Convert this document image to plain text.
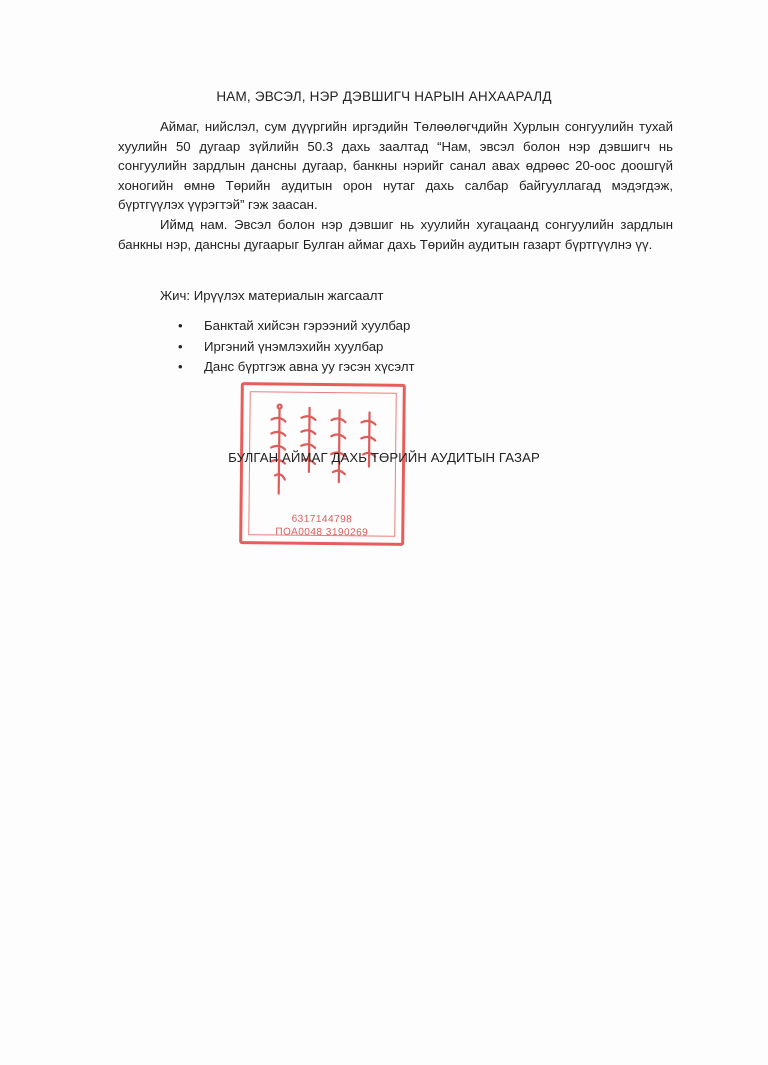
НАМ, ЭВСЭЛ, НЭР ДЭВШИГЧ НАРЫН АНХААРАЛД

Аймаг, нийслэл, сум дүүргийн иргэдийн Төлөөлөгчдийн Хурлын сонгуулийн тухай хуулийн 50 дугаар зүйлийн 50.3 дахь заалтад “Нам, эвсэл болон нэр дэвшигч нь сонгуулийн зардлын дансны дугаар, банкны нэрийг санал авах өдрөөс 20-оос доошгүй хоногийн өмнө Төрийн аудитын орон нутаг дахь салбар байгууллагад мэдэгдэж, бүртгүүлэх үүрэгтэй” гэж заасан.

Иймд нам. Эвсэл болон нэр дэвшиг нь хуулийн хугацаанд сонгуулийн зардлын банкны нэр, дансны дугаарыг Булган аймаг дахь Төрийн аудитын газарт бүртгүүлнэ үү.

Жич: Ирүүлэх материалын жагсаалт
• Банктай хийсэн гэрээний хуулбар
• Иргэний үнэмлэхийн хуулбар
• Данс бүртгэж авна уу гэсэн хүсэлт
6317144798
ПОА0048 3190269
БУЛГАН АЙМАГ ДАХЬ ТӨРИЙН АУДИТЫН ГАЗАР
